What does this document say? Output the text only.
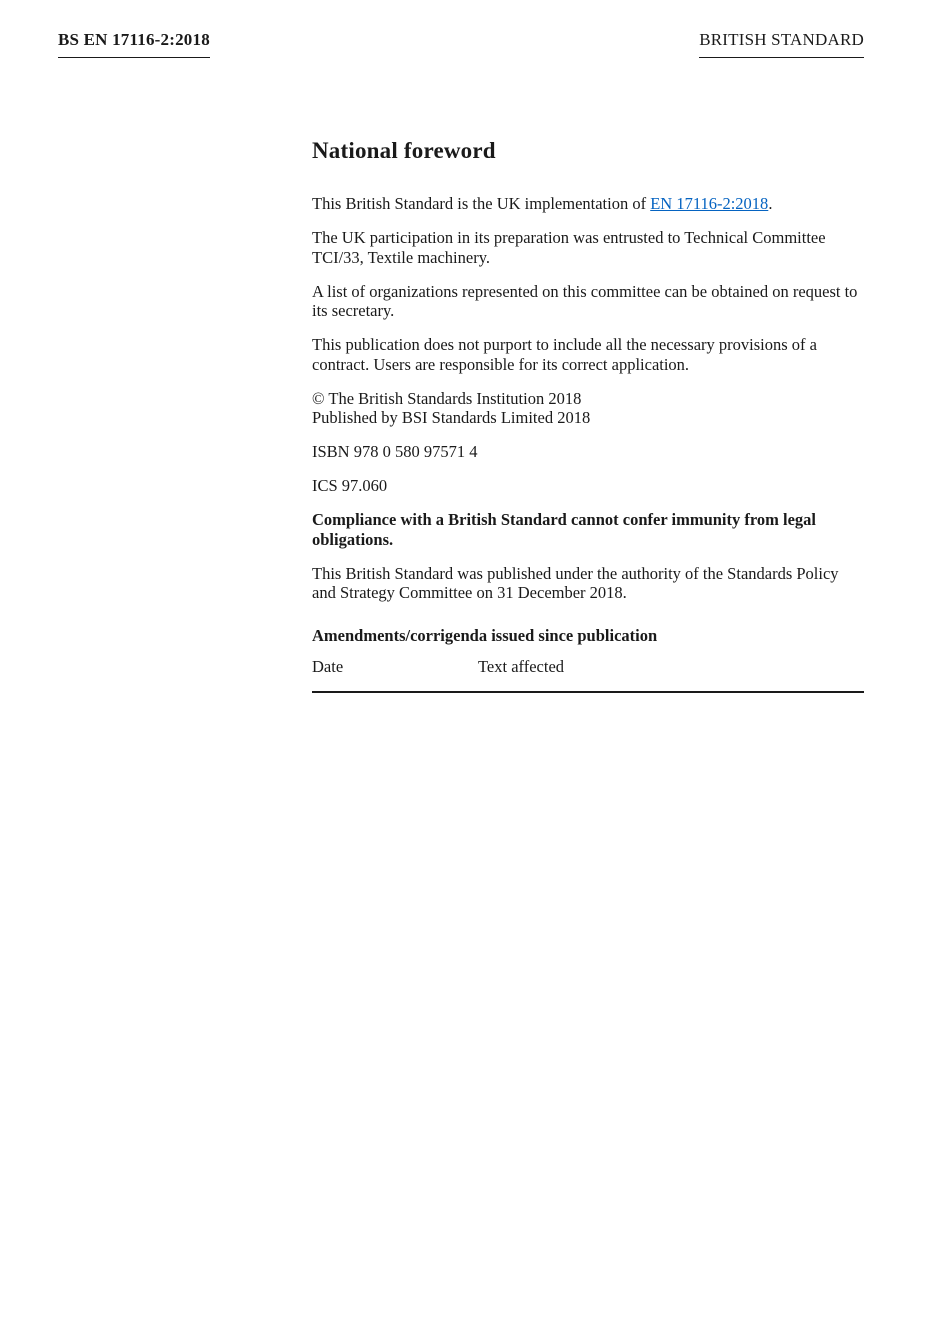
BS EN 17116-2:2018	BRITISH STANDARD
National foreword

This British Standard is the UK implementation of EN 17116-2:2018.

The UK participation in its preparation was entrusted to Technical Committee TCI/33, Textile machinery.

A list of organizations represented on this committee can be obtained on request to its secretary.

This publication does not purport to include all the necessary provisions of a contract. Users are responsible for its correct application.

© The British Standards Institution 2018
Published by BSI Standards Limited 2018

ISBN 978 0 580 97571 4

ICS 97.060

Compliance with a British Standard cannot confer immunity from legal obligations.

This British Standard was published under the authority of the Standards Policy and Strategy Committee on 31 December 2018.

Amendments/corrigenda issued since publication
Date	Text affected
